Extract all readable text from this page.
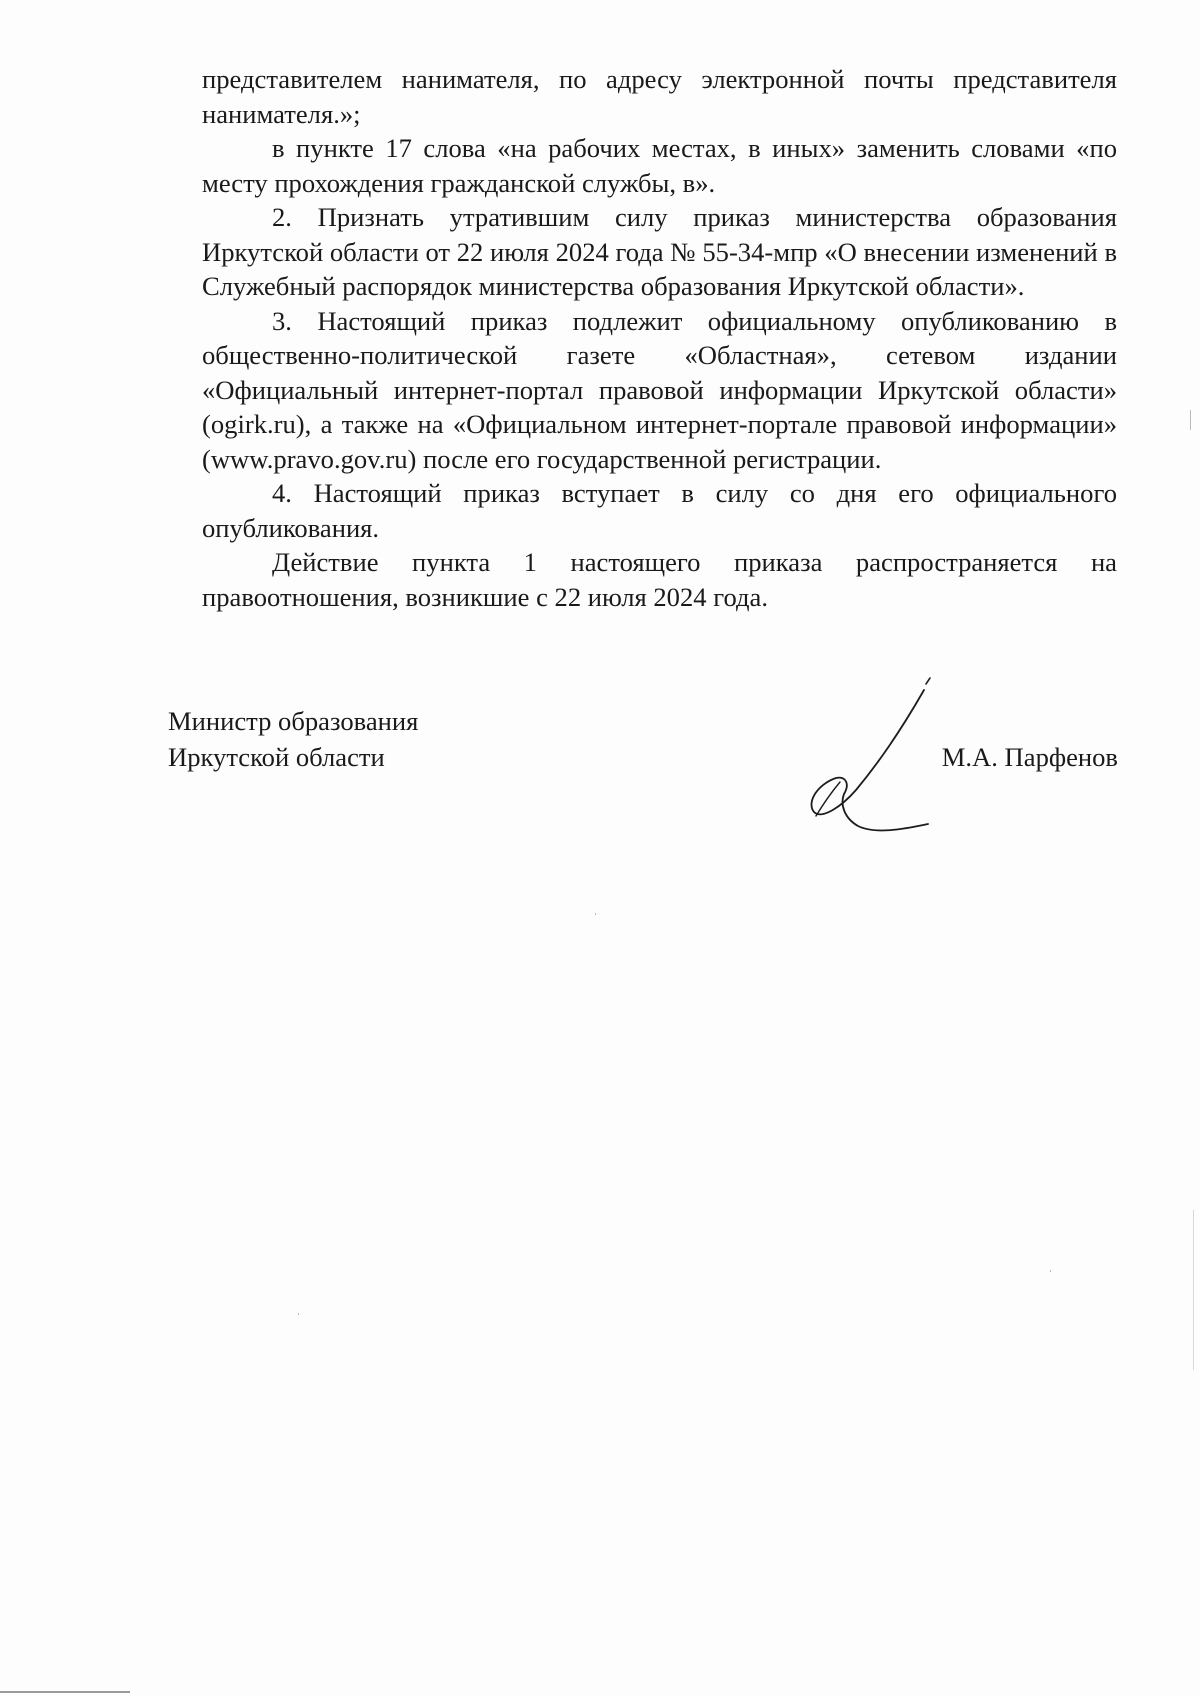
представителем нанимателя, по адресу электронной почты представителя нанимателя.»;

в пункте 17 слова «на рабочих местах, в иных» заменить словами «по месту прохождения гражданской службы, в».

2. Признать утратившим силу приказ министерства образования Иркутской области от 22 июля 2024 года № 55-34-мпр «О внесении изменений в Служебный распорядок министерства образования Иркутской области».

3. Настоящий приказ подлежит официальному опубликованию в общественно-политической газете «Областная», сетевом издании «Официальный интернет-портал правовой информации Иркутской области» (ogirk.ru), а также на «Официальном интернет-портале правовой информации» (www.pravo.gov.ru) после его государственной регистрации.

4. Настоящий приказ вступает в силу со дня его официального опубликования.

Действие пункта 1 настоящего приказа распространяется на правоотношения, возникшие с 22 июля 2024 года.

Министр образования
Иркутской области	М.А. Парфенов
